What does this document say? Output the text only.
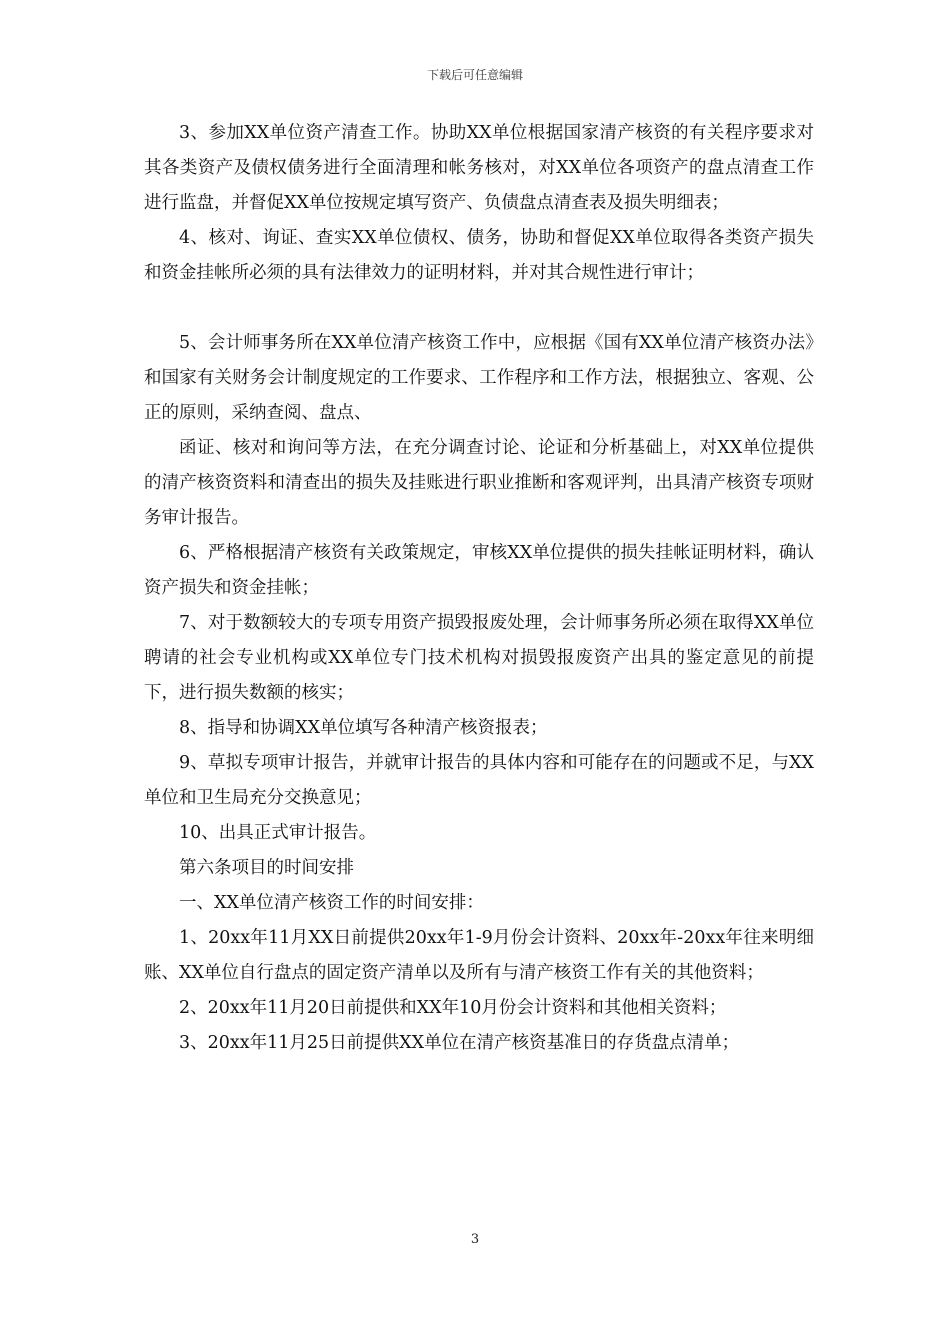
下载后可任意编辑

3、参加XX单位资产清查工作。协助XX单位根据国家清产核资的有关程序要求对其各类资产及债权债务进行全面清理和帐务核对，对XX单位各项资产的盘点清查工作进行监盘，并督促XX单位按规定填写资产、负债盘点清查表及损失明细表；

4、核对、询证、查实XX单位债权、债务，协助和督促XX单位取得各类资产损失和资金挂帐所必须的具有法律效力的证明材料，并对其合规性进行审计；

5、会计师事务所在XX单位清产核资工作中，应根据《国有XX单位清产核资办法》和国家有关财务会计制度规定的工作要求、工作程序和工作方法，根据独立、客观、公正的原则，采纳查阅、盘点、

函证、核对和询问等方法，在充分调查讨论、论证和分析基础上，对XX单位提供的清产核资资料和清查出的损失及挂账进行职业推断和客观评判，出具清产核资专项财务审计报告。

6、严格根据清产核资有关政策规定，审核XX单位提供的损失挂帐证明材料，确认资产损失和资金挂帐；

7、对于数额较大的专项专用资产损毁报废处理，会计师事务所必须在取得XX单位聘请的社会专业机构或XX单位专门技术机构对损毁报废资产出具的鉴定意见的前提下，进行损失数额的核实；

8、指导和协调XX单位填写各种清产核资报表；

9、草拟专项审计报告，并就审计报告的具体内容和可能存在的问题或不足，与XX单位和卫生局充分交换意见；

10、出具正式审计报告。

第六条项目的时间安排

一、XX单位清产核资工作的时间安排：

1、20xx年11月XX日前提供20xx年1-9月份会计资料、20xx年-20xx年往来明细账、XX单位自行盘点的固定资产清单以及所有与清产核资工作有关的其他资料；

2、20xx年11月20日前提供和XX年10月份会计资料和其他相关资料；

3、20xx年11月25日前提供XX单位在清产核资基准日的存货盘点清单；

3
